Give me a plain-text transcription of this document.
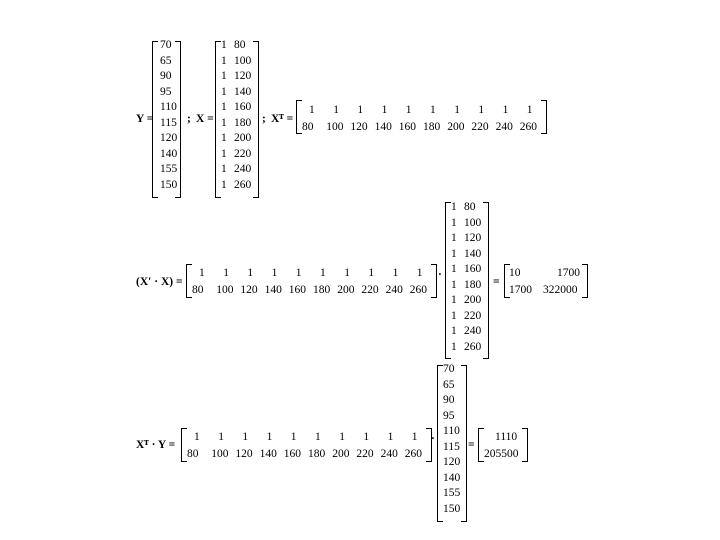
Y =
70
65
90
95
110
115
120
140
155
150
; X =
1 80
1 100
1 120
1 140
1 160
1 180
1 200
1 220
1 240
1 260
; Xᵀ =
1 1 1 1 1 1 1 1 1 1
80 100 120 140 160 180 200 220 240 260
(X′ · X) =
1 1 1 1 1 1 1 1 1 1
80 100 120 140 160 180 200 220 240 260
·
1 80
1 100
1 120
1 140
1 160
1 180
1 200
1 220
1 240
1 260
=
10	1700
1700 322000
Xᵀ · Y =
1 1 1 1 1 1 1 1 1 1
80 100 120 140 160 180 200 220 240 260
·
70
65
90
95
110
115
120
140
155
150
=
1110
205500
